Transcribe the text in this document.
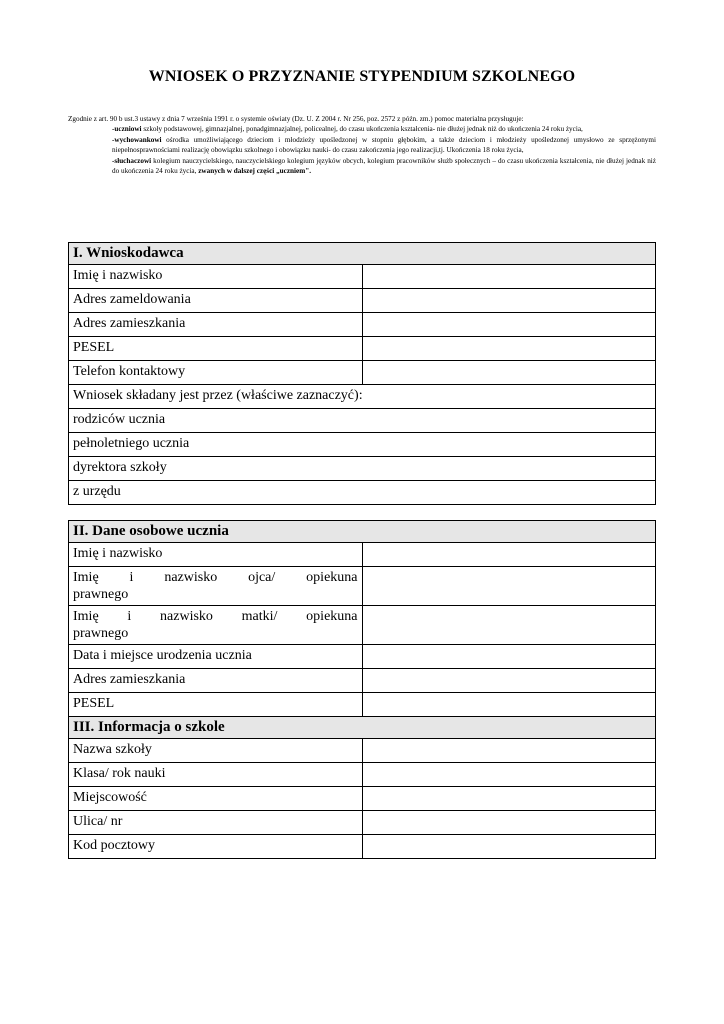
WNIOSEK O PRZYZNANIE STYPENDIUM SZKOLNEGO
Zgodnie z art. 90 b ust.3 ustawy z dnia 7 września 1991 r. o systemie oświaty (Dz. U. Z 2004 r. Nr 256, poz. 2572 z późn. zm.) pomoc materialna przysługuje:
-uczniowi szkoły podstawowej, gimnazjalnej, ponadgimnazjalnej, policealnej, do czasu ukończenia kształcenia- nie dłużej jednak niż do ukończenia 24 roku życia,
-wychowankowi ośrodka umożliwiającego dzieciom i młodzieży upośledzonej w stopniu głębokim, a także dzieciom i młodzieży upośledzonej umysłowo ze sprzężonymi niepełnosprawnościami realizację obowiązku szkolnego i obowiązku nauki- do czasu zakończenia jego realizacji,tj. Ukończenia 18 roku życia,
-słuchaczowi kolegium nauczycielskiego, nauczycielskiego kolegium języków obcych, kolegium pracowników służb społecznych – do czasu ukończenia kształcenia, nie dłużej jednak niż do ukończenia 24 roku życia, zwanych w dalszej części „uczniem".
I. Wnioskodawca	
Imię i nazwisko	
Adres zameldowania	
Adres zamieszkania	
PESEL	
Telefon kontaktowy	
Wniosek składany jest przez (właściwe zaznaczyć):	
rodziców ucznia	
pełnoletniego ucznia	
dyrektora szkoły	
z urzędu	
II. Dane osobowe ucznia	
Imię i nazwisko	

Imię i nazwisko ojca/ opiekuna
prawnego	

Imię i nazwisko matki/ opiekuna
prawnego	

Data i miejsce urodzenia ucznia	
Adres zamieszkania	
PESEL	
III. Informacja o szkole	
Nazwa szkoły	
Klasa/ rok nauki	
Miejscowość	
Ulica/ nr	
Kod pocztowy	
